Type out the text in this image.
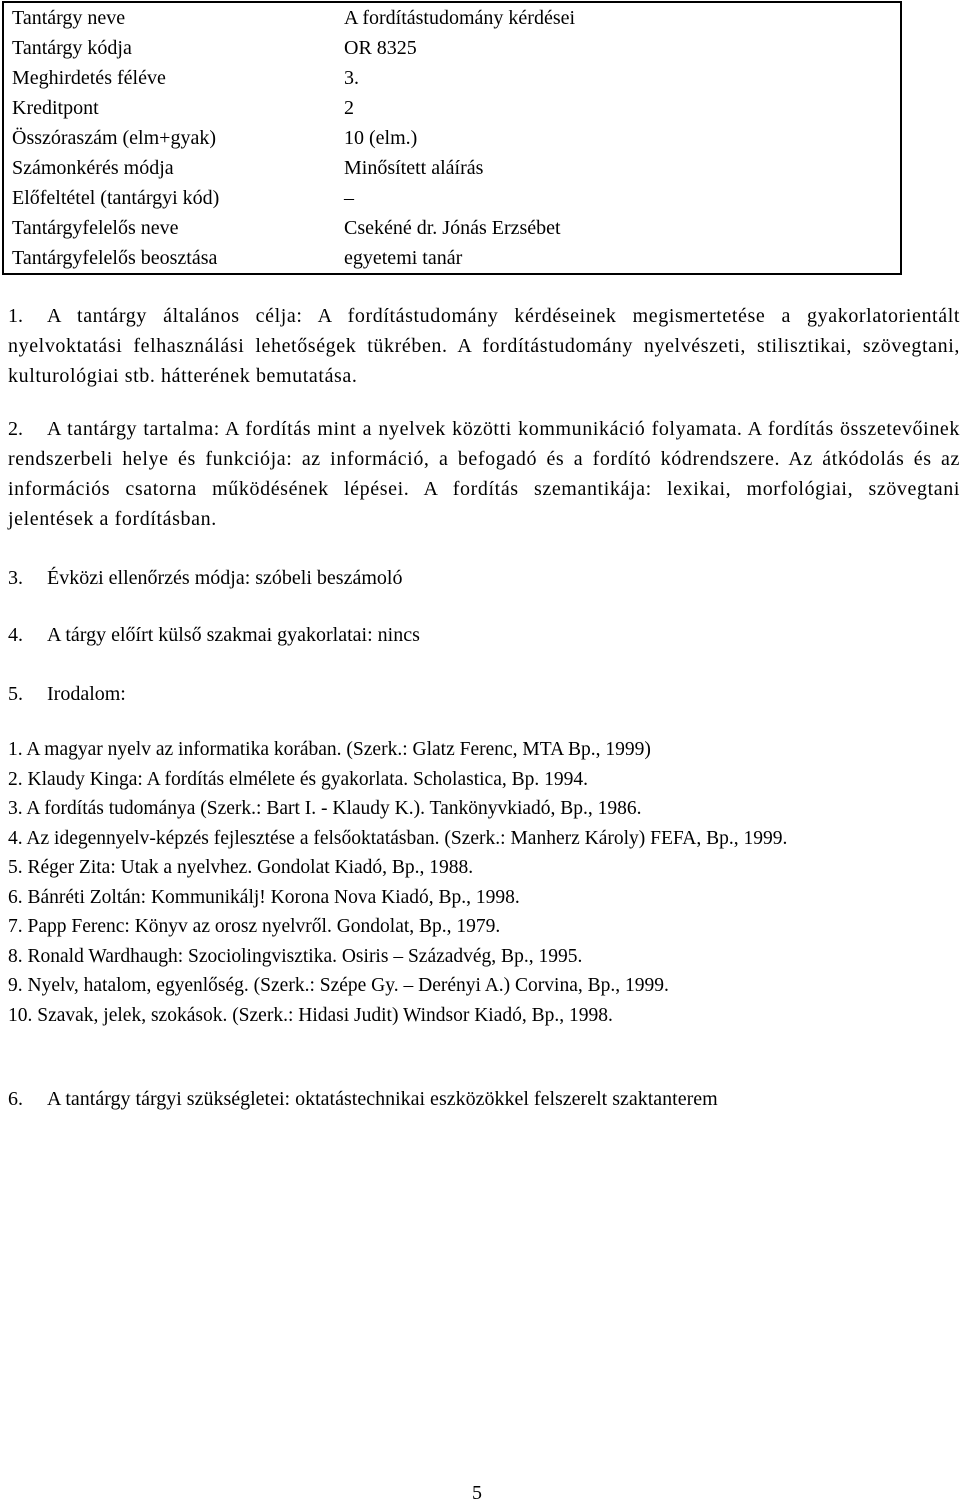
Tantárgy neve	A fordítástudomány kérdései
Tantárgy kódja	OR 8325
Meghirdetés féléve	3.
Kreditpont	2
Összóraszám (elm+gyak)	10 (elm.)
Számonkérés módja	Minősített aláírás
Előfeltétel (tantárgyi kód)	–
Tantárgyfelelős neve	Csekéné dr. Jónás Erzsébet
Tantárgyfelelős beosztása	egyetemi tanár
1. A tantárgy általános célja: A fordítástudomány kérdéseinek megismertetése a gyakorlatorientált nyelvoktatási felhasználási lehetőségek tükrében. A fordítástudomány nyelvészeti, stilisztikai, szövegtani, kulturológiai stb. hátterének bemutatása.
2. A tantárgy tartalma: A fordítás mint a nyelvek közötti kommunikáció folyamata. A fordítás összetevőinek rendszerbeli helye és funkciója: az információ, a befogadó és a fordító kódrendszere. Az átkódolás és az információs csatorna működésének lépései. A fordítás szemantikája: lexikai, morfológiai, szövegtani jelentések a fordításban.
3. Évközi ellenőrzés módja: szóbeli beszámoló
4. A tárgy előírt külső szakmai gyakorlatai: nincs
5. Irodalom:
1. A magyar nyelv az informatika korában. (Szerk.: Glatz Ferenc, MTA Bp., 1999)
2. Klaudy Kinga: A fordítás elmélete és gyakorlata. Scholastica, Bp. 1994.
3. A fordítás tudománya (Szerk.: Bart I. - Klaudy K.). Tankönyvkiadó, Bp., 1986.
4. Az idegennyelv-képzés fejlesztése a felsőoktatásban. (Szerk.: Manherz Károly) FEFA, Bp., 1999.
5. Réger Zita: Utak a nyelvhez. Gondolat Kiadó, Bp., 1988.
6. Bánréti Zoltán: Kommunikálj! Korona Nova Kiadó, Bp., 1998.
7. Papp Ferenc: Könyv az orosz nyelvről. Gondolat, Bp., 1979.
8. Ronald Wardhaugh: Szociolingvisztika. Osiris – Századvég, Bp., 1995.
9. Nyelv, hatalom, egyenlőség. (Szerk.: Szépe Gy. – Derényi A.) Corvina, Bp., 1999.
10. Szavak, jelek, szokások. (Szerk.: Hidasi Judit) Windsor Kiadó, Bp., 1998.
6. A tantárgy tárgyi szükségletei: oktatástechnikai eszközökkel felszerelt szaktanterem
5
